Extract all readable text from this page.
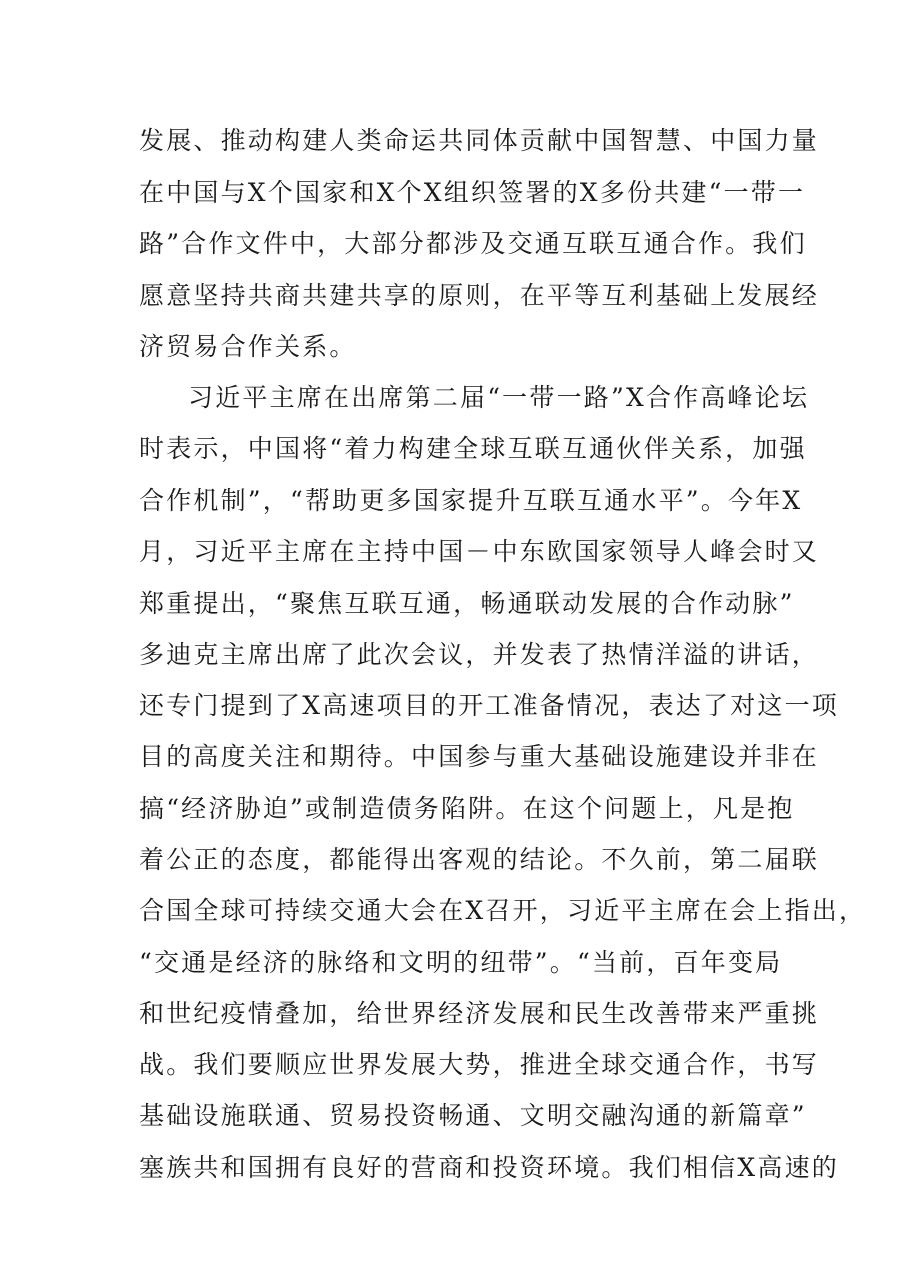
发展、推动构建人类命运共同体贡献中国智慧、中国力量
在中国与X个国家和X个X组织签署的X多份共建“一带一
路”合作文件中，大部分都涉及交通互联互通合作。我们
愿意坚持共商共建共享的原则，在平等互利基础上发展经
济贸易合作关系。
习近平主席在出席第二届“一带一路”X合作高峰论坛
时表示，中国将“着力构建全球互联互通伙伴关系，加强
合作机制”，“帮助更多国家提升互联互通水平”。今年X
月，习近平主席在主持中国－中东欧国家领导人峰会时又
郑重提出，“聚焦互联互通，畅通联动发展的合作动脉”
多迪克主席出席了此次会议，并发表了热情洋溢的讲话，
还专门提到了X高速项目的开工准备情况，表达了对这一项
目的高度关注和期待。中国参与重大基础设施建设并非在
搞“经济胁迫”或制造债务陷阱。在这个问题上，凡是抱
着公正的态度，都能得出客观的结论。不久前，第二届联
合国全球可持续交通大会在X召开，习近平主席在会上指出，
“交通是经济的脉络和文明的纽带”。“当前，百年变局
和世纪疫情叠加，给世界经济发展和民生改善带来严重挑
战。我们要顺应世界发展大势，推进全球交通合作，书写
基础设施联通、贸易投资畅通、文明交融沟通的新篇章”
塞族共和国拥有良好的营商和投资环境。我们相信X高速的
